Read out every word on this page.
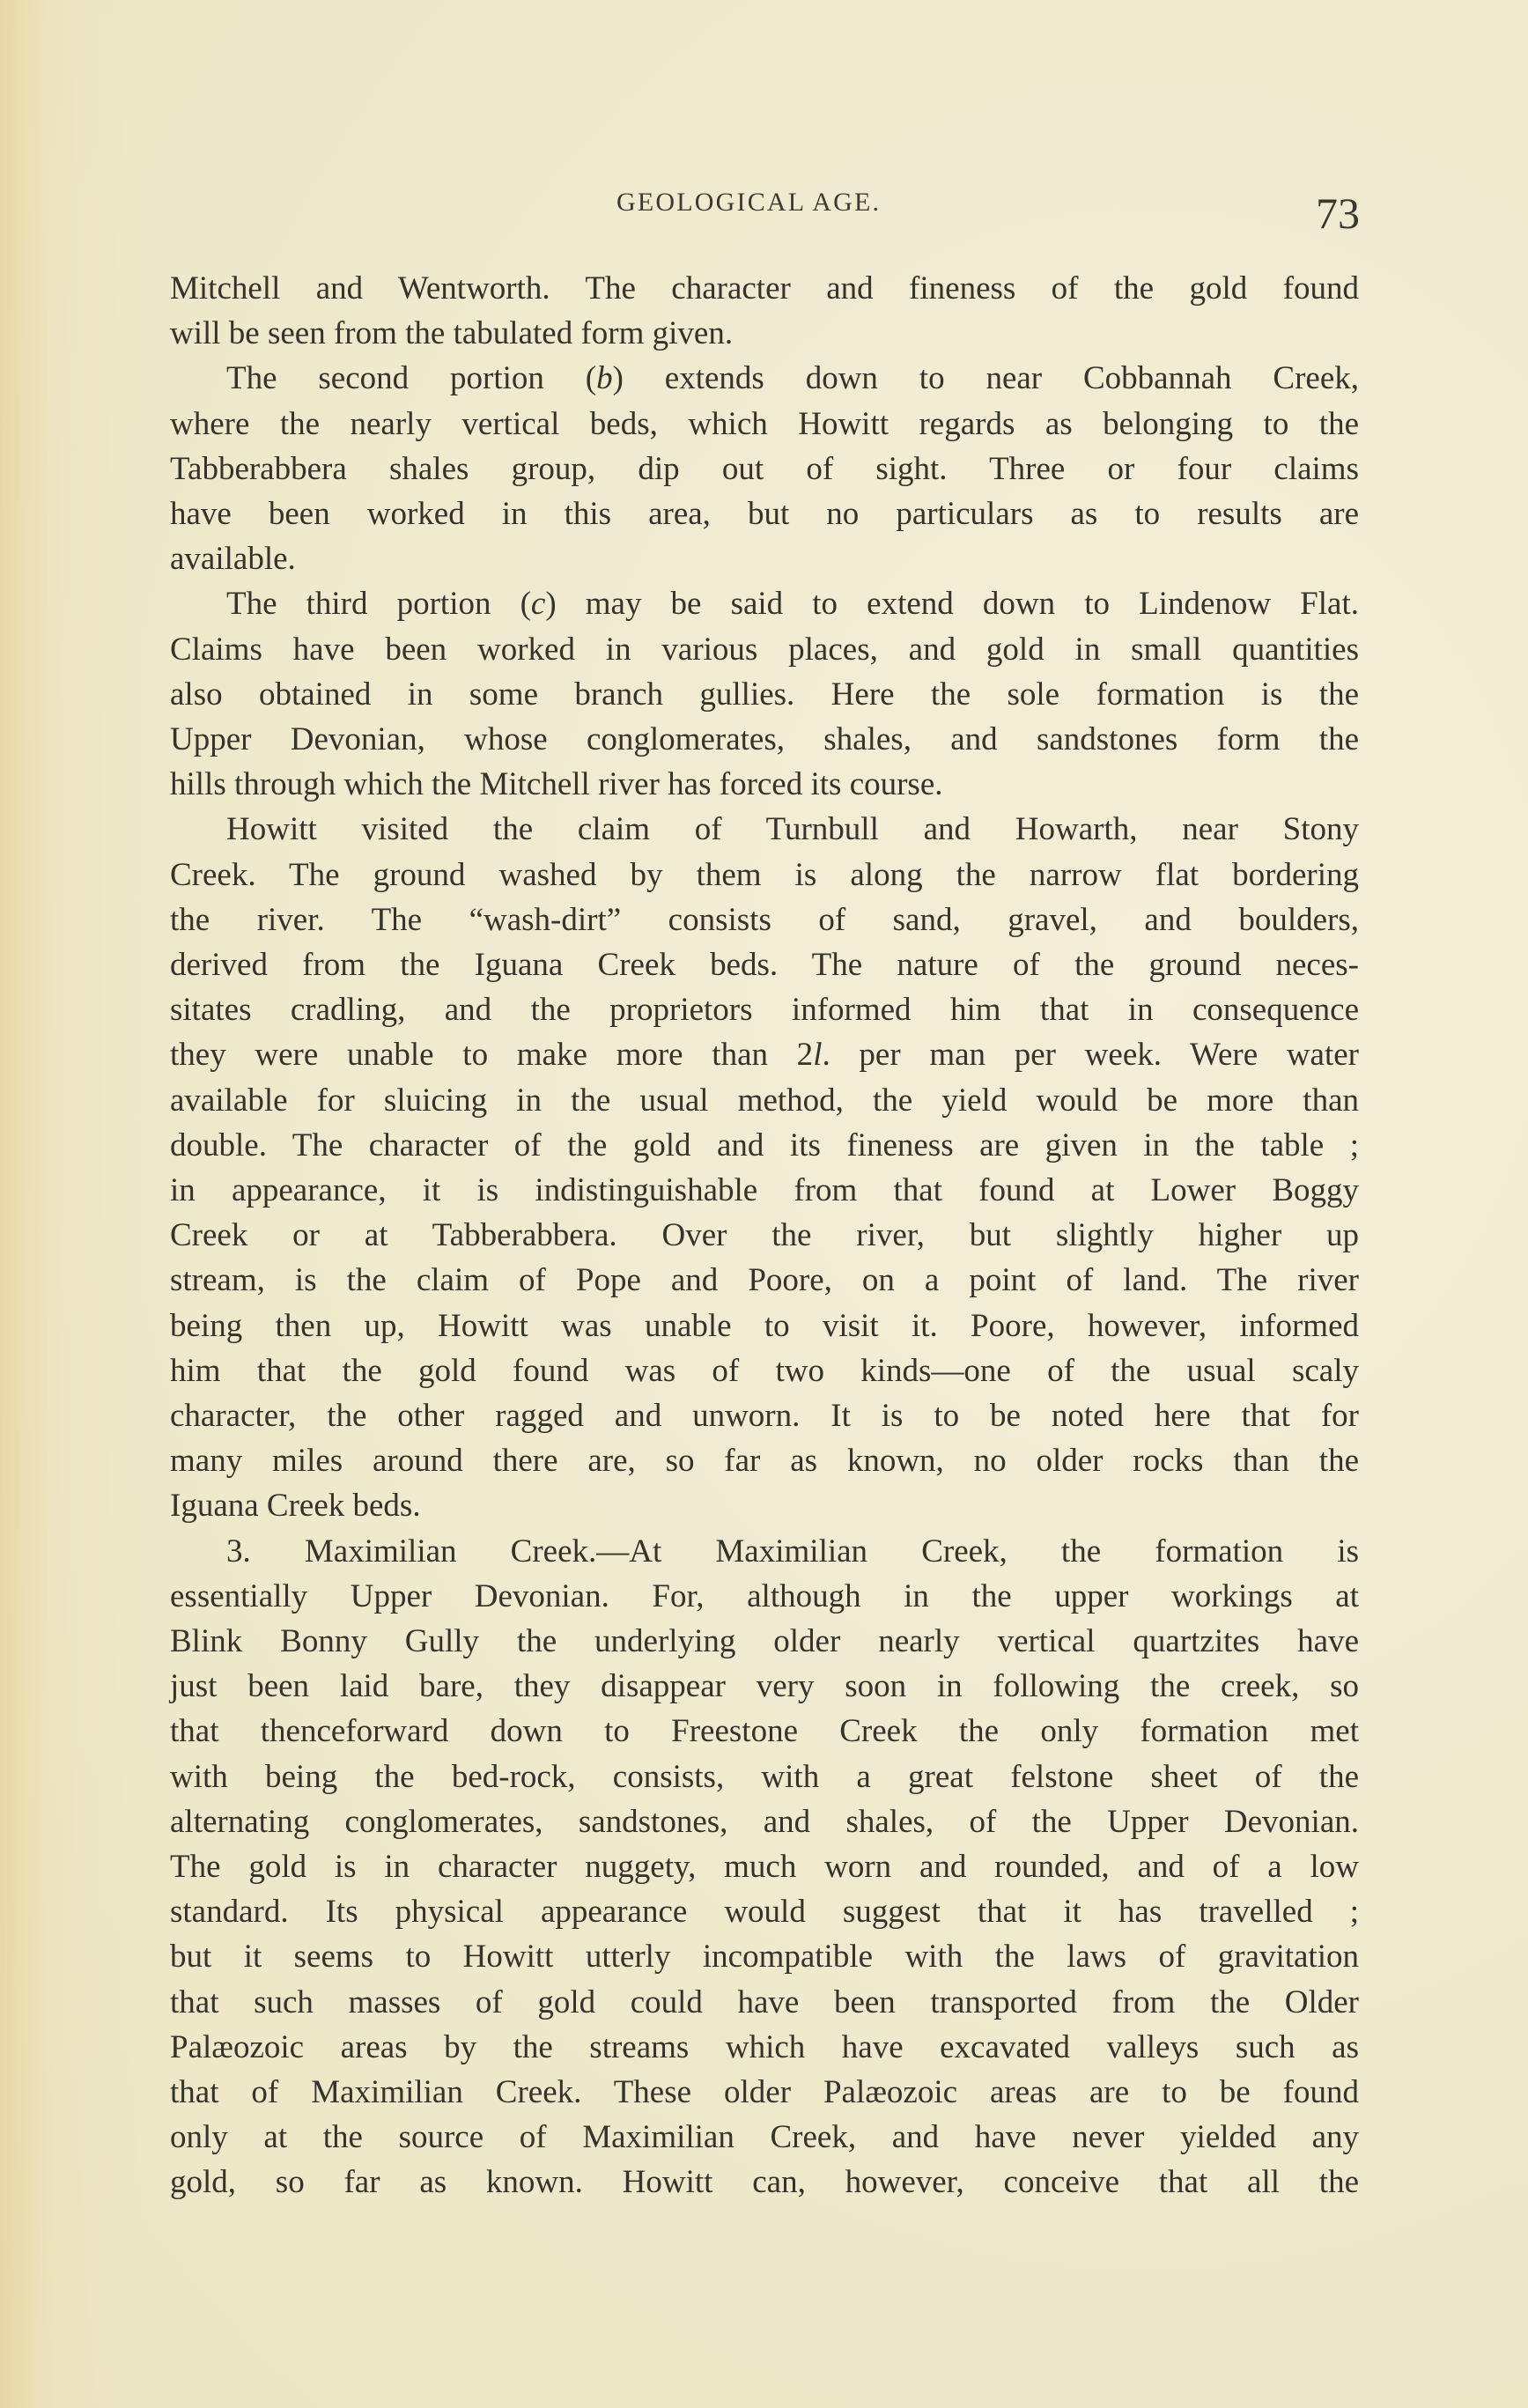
GEOLOGICAL AGE.	73
Mitchell and Wentworth. The character and fineness of the gold found
will be seen from the tabulated form given.
The second portion (b) extends down to near Cobbannah Creek,
where the nearly vertical beds, which Howitt regards as belonging to the
Tabberabbera shales group, dip out of sight. Three or four claims
have been worked in this area, but no particulars as to results are
available.
The third portion (c) may be said to extend down to Lindenow Flat.
Claims have been worked in various places, and gold in small quantities
also obtained in some branch gullies. Here the sole formation is the
Upper Devonian, whose conglomerates, shales, and sandstones form the
hills through which the Mitchell river has forced its course.
Howitt visited the claim of Turnbull and Howarth, near Stony
Creek. The ground washed by them is along the narrow flat bordering
the river. The “wash-dirt” consists of sand, gravel, and boulders,
derived from the Iguana Creek beds. The nature of the ground neces-
sitates cradling, and the proprietors informed him that in consequence
they were unable to make more than 2l. per man per week. Were water
available for sluicing in the usual method, the yield would be more than
double. The character of the gold and its fineness are given in the table ;
in appearance, it is indistinguishable from that found at Lower Boggy
Creek or at Tabberabbera. Over the river, but slightly higher up
stream, is the claim of Pope and Poore, on a point of land. The river
being then up, Howitt was unable to visit it. Poore, however, informed
him that the gold found was of two kinds—one of the usual scaly
character, the other ragged and unworn. It is to be noted here that for
many miles around there are, so far as known, no older rocks than the
Iguana Creek beds.
3. Maximilian Creek.—At Maximilian Creek, the formation is
essentially Upper Devonian. For, although in the upper workings at
Blink Bonny Gully the underlying older nearly vertical quartzites have
just been laid bare, they disappear very soon in following the creek, so
that thenceforward down to Freestone Creek the only formation met
with being the bed-rock, consists, with a great felstone sheet of the
alternating conglomerates, sandstones, and shales, of the Upper Devonian.
The gold is in character nuggety, much worn and rounded, and of a low
standard. Its physical appearance would suggest that it has travelled ;
but it seems to Howitt utterly incompatible with the laws of gravitation
that such masses of gold could have been transported from the Older
Palæozoic areas by the streams which have excavated valleys such as
that of Maximilian Creek. These older Palæozoic areas are to be found
only at the source of Maximilian Creek, and have never yielded any
gold, so far as known. Howitt can, however, conceive that all the
